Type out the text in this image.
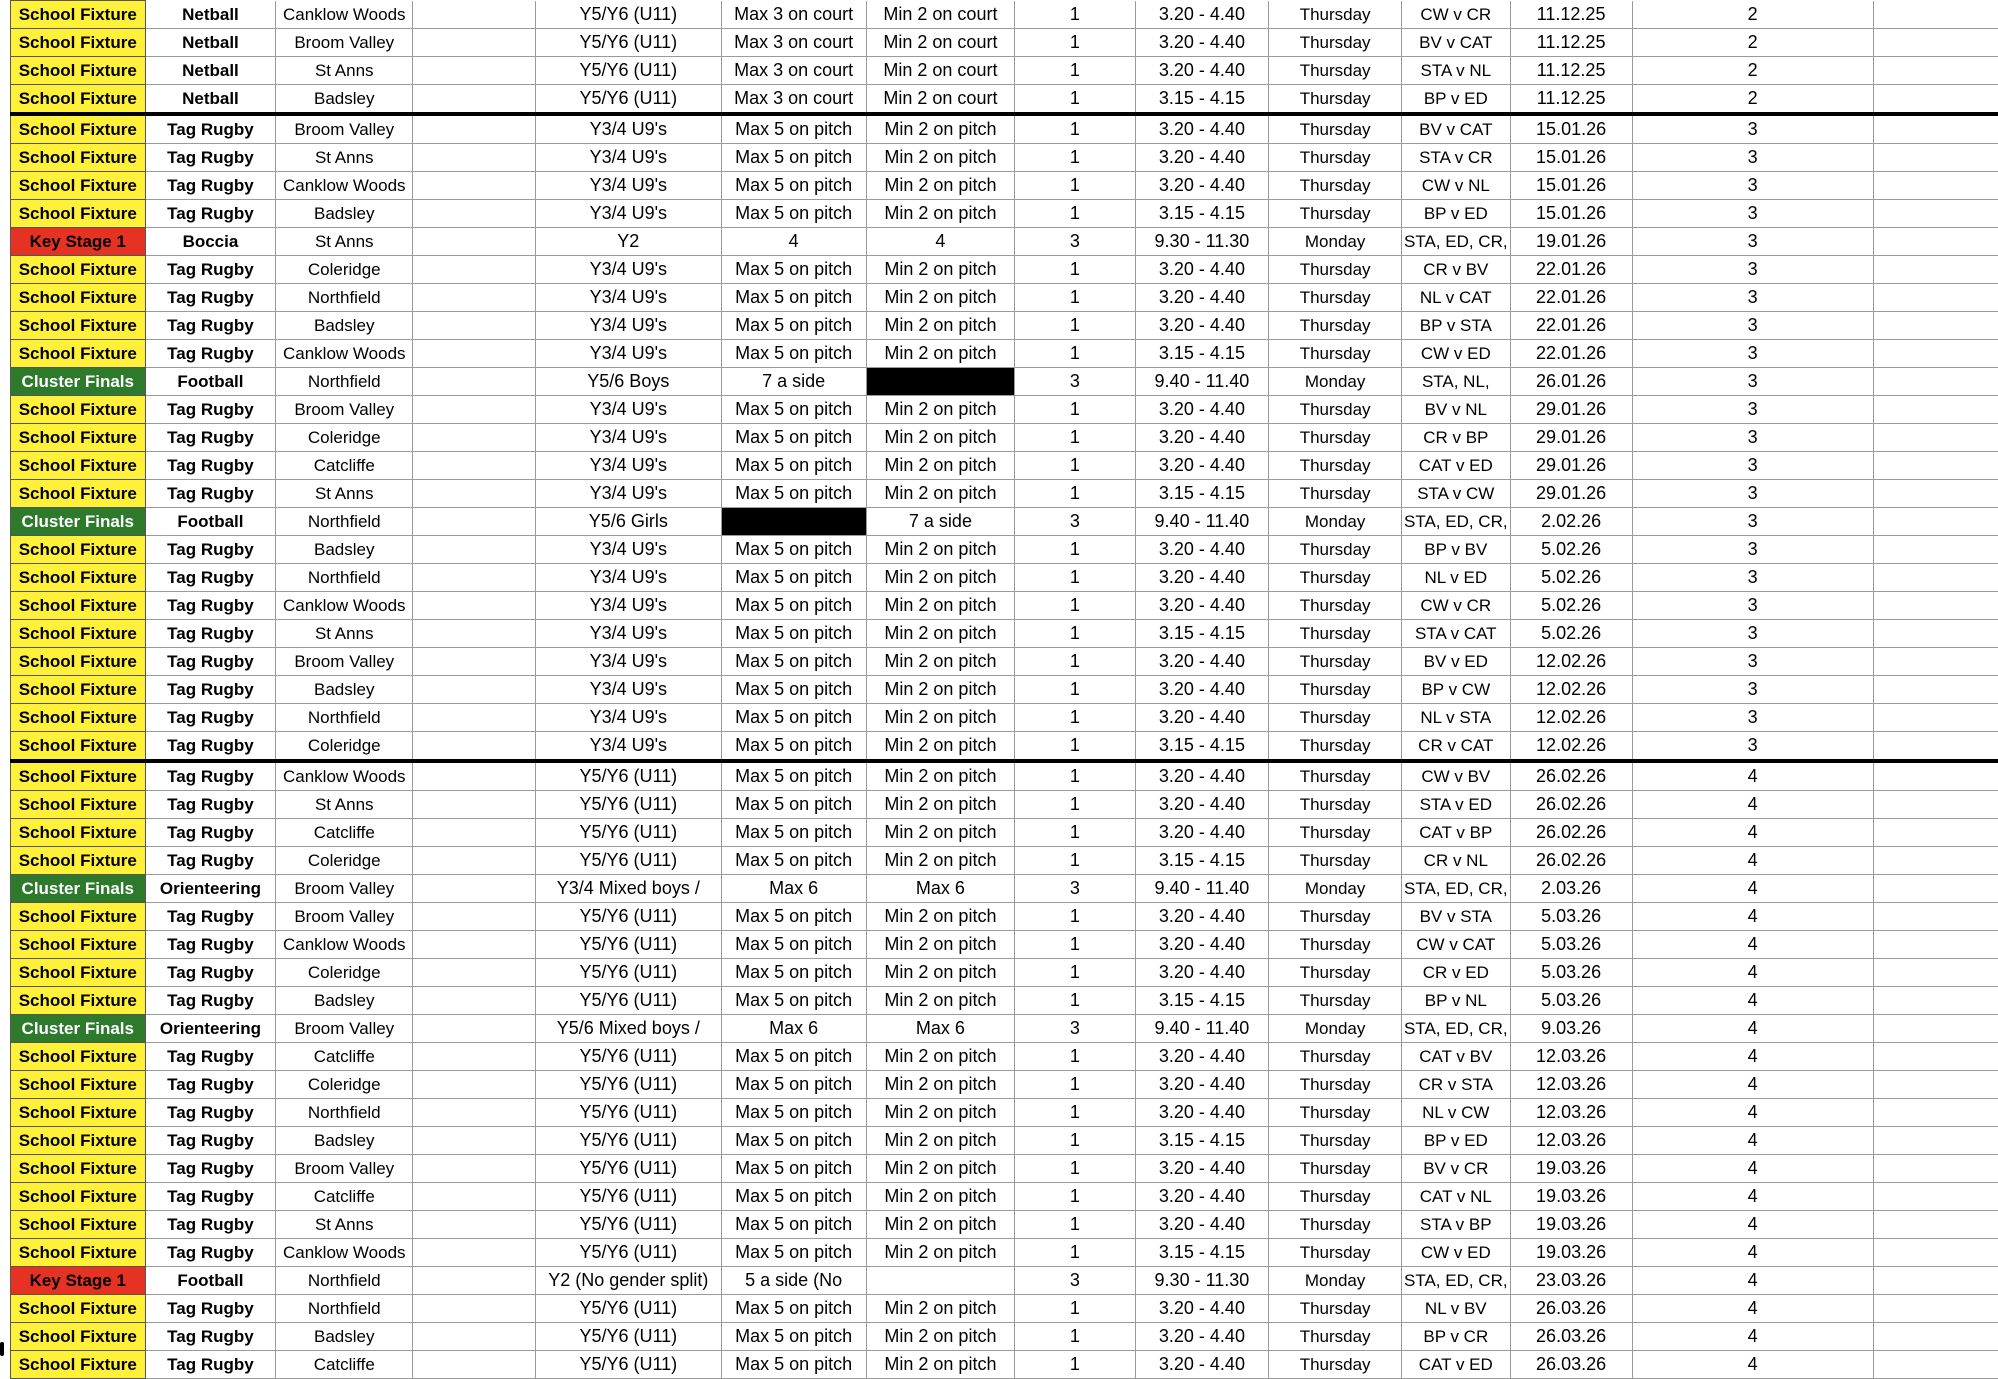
School Fixture	Netball	Canklow Woods		Y5/Y6 (U11)	Max 3 on court	Min 2 on court	1	3.20 - 4.40	Thursday	CW v CR	11.12.25	2	
School Fixture	Netball	Broom Valley		Y5/Y6 (U11)	Max 3 on court	Min 2 on court	1	3.20 - 4.40	Thursday	BV v CAT	11.12.25	2	
School Fixture	Netball	St Anns		Y5/Y6 (U11)	Max 3 on court	Min 2 on court	1	3.20 - 4.40	Thursday	STA v NL	11.12.25	2	
School Fixture	Netball	Badsley		Y5/Y6 (U11)	Max 3 on court	Min 2 on court	1	3.15 - 4.15	Thursday	BP v ED	11.12.25	2	
School Fixture	Tag Rugby	Broom Valley		Y3/4 U9's	Max 5 on pitch	Min 2 on pitch	1	3.20 - 4.40	Thursday	BV v CAT	15.01.26	3	
School Fixture	Tag Rugby	St Anns		Y3/4 U9's	Max 5 on pitch	Min 2 on pitch	1	3.20 - 4.40	Thursday	STA v CR	15.01.26	3	
School Fixture	Tag Rugby	Canklow Woods		Y3/4 U9's	Max 5 on pitch	Min 2 on pitch	1	3.20 - 4.40	Thursday	CW v NL	15.01.26	3	
School Fixture	Tag Rugby	Badsley		Y3/4 U9's	Max 5 on pitch	Min 2 on pitch	1	3.15 - 4.15	Thursday	BP v ED	15.01.26	3	
Key Stage 1	Boccia	St Anns		Y2	4	4	3	9.30 - 11.30	Monday	STA, ED, CR,	19.01.26	3	
School Fixture	Tag Rugby	Coleridge		Y3/4 U9's	Max 5 on pitch	Min 2 on pitch	1	3.20 - 4.40	Thursday	CR v BV	22.01.26	3	
School Fixture	Tag Rugby	Northfield		Y3/4 U9's	Max 5 on pitch	Min 2 on pitch	1	3.20 - 4.40	Thursday	NL v CAT	22.01.26	3	
School Fixture	Tag Rugby	Badsley		Y3/4 U9's	Max 5 on pitch	Min 2 on pitch	1	3.20 - 4.40	Thursday	BP v STA	22.01.26	3	
School Fixture	Tag Rugby	Canklow Woods		Y3/4 U9's	Max 5 on pitch	Min 2 on pitch	1	3.15 - 4.15	Thursday	CW v ED	22.01.26	3	
Cluster Finals	Football	Northfield		Y5/6 Boys	7 a side		3	9.40 - 11.40	Monday	STA, NL,	26.01.26	3	
School Fixture	Tag Rugby	Broom Valley		Y3/4 U9's	Max 5 on pitch	Min 2 on pitch	1	3.20 - 4.40	Thursday	BV v NL	29.01.26	3	
School Fixture	Tag Rugby	Coleridge		Y3/4 U9's	Max 5 on pitch	Min 2 on pitch	1	3.20 - 4.40	Thursday	CR v BP	29.01.26	3	
School Fixture	Tag Rugby	Catcliffe		Y3/4 U9's	Max 5 on pitch	Min 2 on pitch	1	3.20 - 4.40	Thursday	CAT v ED	29.01.26	3	
School Fixture	Tag Rugby	St Anns		Y3/4 U9's	Max 5 on pitch	Min 2 on pitch	1	3.15 - 4.15	Thursday	STA v CW	29.01.26	3	
Cluster Finals	Football	Northfield		Y5/6 Girls		7 a side	3	9.40 - 11.40	Monday	STA, ED, CR,	2.02.26	3	
School Fixture	Tag Rugby	Badsley		Y3/4 U9's	Max 5 on pitch	Min 2 on pitch	1	3.20 - 4.40	Thursday	BP v BV	5.02.26	3	
School Fixture	Tag Rugby	Northfield		Y3/4 U9's	Max 5 on pitch	Min 2 on pitch	1	3.20 - 4.40	Thursday	NL v ED	5.02.26	3	
School Fixture	Tag Rugby	Canklow Woods		Y3/4 U9's	Max 5 on pitch	Min 2 on pitch	1	3.20 - 4.40	Thursday	CW v CR	5.02.26	3	
School Fixture	Tag Rugby	St Anns		Y3/4 U9's	Max 5 on pitch	Min 2 on pitch	1	3.15 - 4.15	Thursday	STA v CAT	5.02.26	3	
School Fixture	Tag Rugby	Broom Valley		Y3/4 U9's	Max 5 on pitch	Min 2 on pitch	1	3.20 - 4.40	Thursday	BV v ED	12.02.26	3	
School Fixture	Tag Rugby	Badsley		Y3/4 U9's	Max 5 on pitch	Min 2 on pitch	1	3.20 - 4.40	Thursday	BP v CW	12.02.26	3	
School Fixture	Tag Rugby	Northfield		Y3/4 U9's	Max 5 on pitch	Min 2 on pitch	1	3.20 - 4.40	Thursday	NL v STA	12.02.26	3	
School Fixture	Tag Rugby	Coleridge		Y3/4 U9's	Max 5 on pitch	Min 2 on pitch	1	3.15 - 4.15	Thursday	CR v CAT	12.02.26	3	
School Fixture	Tag Rugby	Canklow Woods		Y5/Y6 (U11)	Max 5 on pitch	Min 2 on pitch	1	3.20 - 4.40	Thursday	CW v BV	26.02.26	4	
School Fixture	Tag Rugby	St Anns		Y5/Y6 (U11)	Max 5 on pitch	Min 2 on pitch	1	3.20 - 4.40	Thursday	STA v ED	26.02.26	4	
School Fixture	Tag Rugby	Catcliffe		Y5/Y6 (U11)	Max 5 on pitch	Min 2 on pitch	1	3.20 - 4.40	Thursday	CAT v BP	26.02.26	4	
School Fixture	Tag Rugby	Coleridge		Y5/Y6 (U11)	Max 5 on pitch	Min 2 on pitch	1	3.15 - 4.15	Thursday	CR v NL	26.02.26	4	
Cluster Finals	Orienteering	Broom Valley		Y3/4 Mixed boys /	Max 6	Max 6	3	9.40 - 11.40	Monday	STA, ED, CR,	2.03.26	4	
School Fixture	Tag Rugby	Broom Valley		Y5/Y6 (U11)	Max 5 on pitch	Min 2 on pitch	1	3.20 - 4.40	Thursday	BV v STA	5.03.26	4	
School Fixture	Tag Rugby	Canklow Woods		Y5/Y6 (U11)	Max 5 on pitch	Min 2 on pitch	1	3.20 - 4.40	Thursday	CW v CAT	5.03.26	4	
School Fixture	Tag Rugby	Coleridge		Y5/Y6 (U11)	Max 5 on pitch	Min 2 on pitch	1	3.20 - 4.40	Thursday	CR v ED	5.03.26	4	
School Fixture	Tag Rugby	Badsley		Y5/Y6 (U11)	Max 5 on pitch	Min 2 on pitch	1	3.15 - 4.15	Thursday	BP v NL	5.03.26	4	
Cluster Finals	Orienteering	Broom Valley		Y5/6 Mixed boys /	Max 6	Max 6	3	9.40 - 11.40	Monday	STA, ED, CR,	9.03.26	4	
School Fixture	Tag Rugby	Catcliffe		Y5/Y6 (U11)	Max 5 on pitch	Min 2 on pitch	1	3.20 - 4.40	Thursday	CAT v BV	12.03.26	4	
School Fixture	Tag Rugby	Coleridge		Y5/Y6 (U11)	Max 5 on pitch	Min 2 on pitch	1	3.20 - 4.40	Thursday	CR v STA	12.03.26	4	
School Fixture	Tag Rugby	Northfield		Y5/Y6 (U11)	Max 5 on pitch	Min 2 on pitch	1	3.20 - 4.40	Thursday	NL v CW	12.03.26	4	
School Fixture	Tag Rugby	Badsley		Y5/Y6 (U11)	Max 5 on pitch	Min 2 on pitch	1	3.15 - 4.15	Thursday	BP v ED	12.03.26	4	
School Fixture	Tag Rugby	Broom Valley		Y5/Y6 (U11)	Max 5 on pitch	Min 2 on pitch	1	3.20 - 4.40	Thursday	BV v CR	19.03.26	4	
School Fixture	Tag Rugby	Catcliffe		Y5/Y6 (U11)	Max 5 on pitch	Min 2 on pitch	1	3.20 - 4.40	Thursday	CAT v NL	19.03.26	4	
School Fixture	Tag Rugby	St Anns		Y5/Y6 (U11)	Max 5 on pitch	Min 2 on pitch	1	3.20 - 4.40	Thursday	STA v BP	19.03.26	4	
School Fixture	Tag Rugby	Canklow Woods		Y5/Y6 (U11)	Max 5 on pitch	Min 2 on pitch	1	3.15 - 4.15	Thursday	CW v ED	19.03.26	4	
Key Stage 1	Football	Northfield		Y2 (No gender split)	5 a side (No		3	9.30 - 11.30	Monday	STA, ED, CR,	23.03.26	4	
School Fixture	Tag Rugby	Northfield		Y5/Y6 (U11)	Max 5 on pitch	Min 2 on pitch	1	3.20 - 4.40	Thursday	NL v BV	26.03.26	4	
School Fixture	Tag Rugby	Badsley		Y5/Y6 (U11)	Max 5 on pitch	Min 2 on pitch	1	3.20 - 4.40	Thursday	BP v CR	26.03.26	4	
School Fixture	Tag Rugby	Catcliffe		Y5/Y6 (U11)	Max 5 on pitch	Min 2 on pitch	1	3.20 - 4.40	Thursday	CAT v ED	26.03.26	4	
